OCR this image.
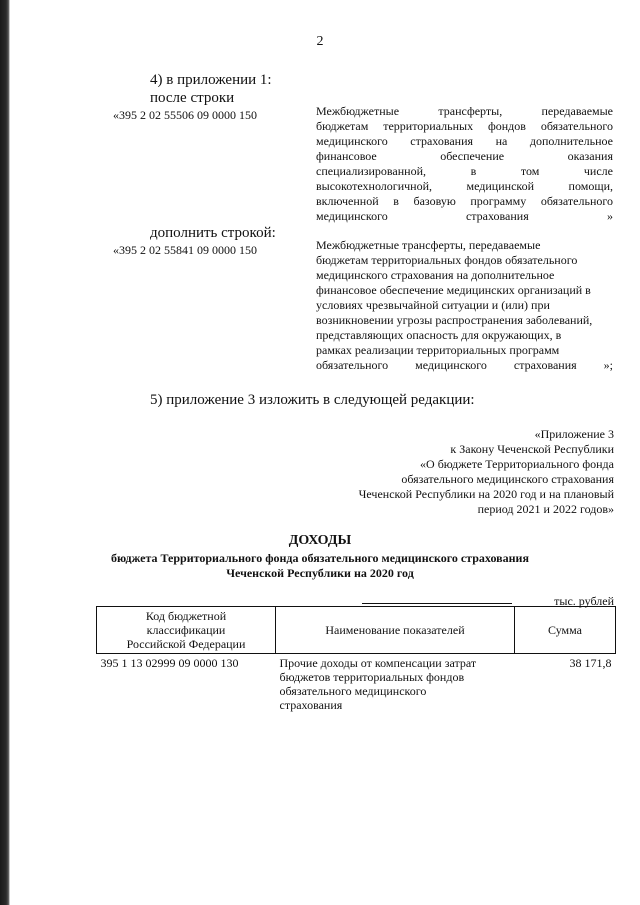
2
4) в приложении 1:
после строки
«395 2 02 55506 09 0000 150	Межбюджетные трансферты, передаваемые
бюджетам территориальных фондов обязательного
медицинского страхования на дополнительное
финансовое обеспечение оказания
специализированной, в том числе
высокотехнологичной, медицинской помощи,
включенной в базовую программу обязательного
медицинского страхования »
дополнить строкой:
«395 2 02 55841 09 0000 150	Межбюджетные трансферты, передаваемые
бюджетам территориальных фондов обязательного
медицинского страхования на дополнительное
финансовое обеспечение медицинских организаций в
условиях чрезвычайной ситуации и (или) при
возникновении угрозы распространения заболеваний,
представляющих опасность для окружающих, в
рамках реализации территориальных программ
обязательного медицинского страхования »;
5) приложение 3 изложить в следующей редакции:
«Приложение 3
к Закону Чеченской Республики
«О бюджете Территориального фонда
обязательного медицинского страхования
Чеченской Республики на 2020 год и на плановый
период 2021 и 2022 годов»
ДОХОДЫ
бюджета Территориального фонда обязательного медицинского страхования
Чеченской Республики на 2020 год
тыс. рублей
Код бюджетной
классификации
Российской Федерации	Наименование показателей	Сумма
395 1 13 02999 09 0000 130	Прочие доходы от компенсации затрат
бюджетов территориальных фондов
обязательного медицинского
страхования	38 171,8
